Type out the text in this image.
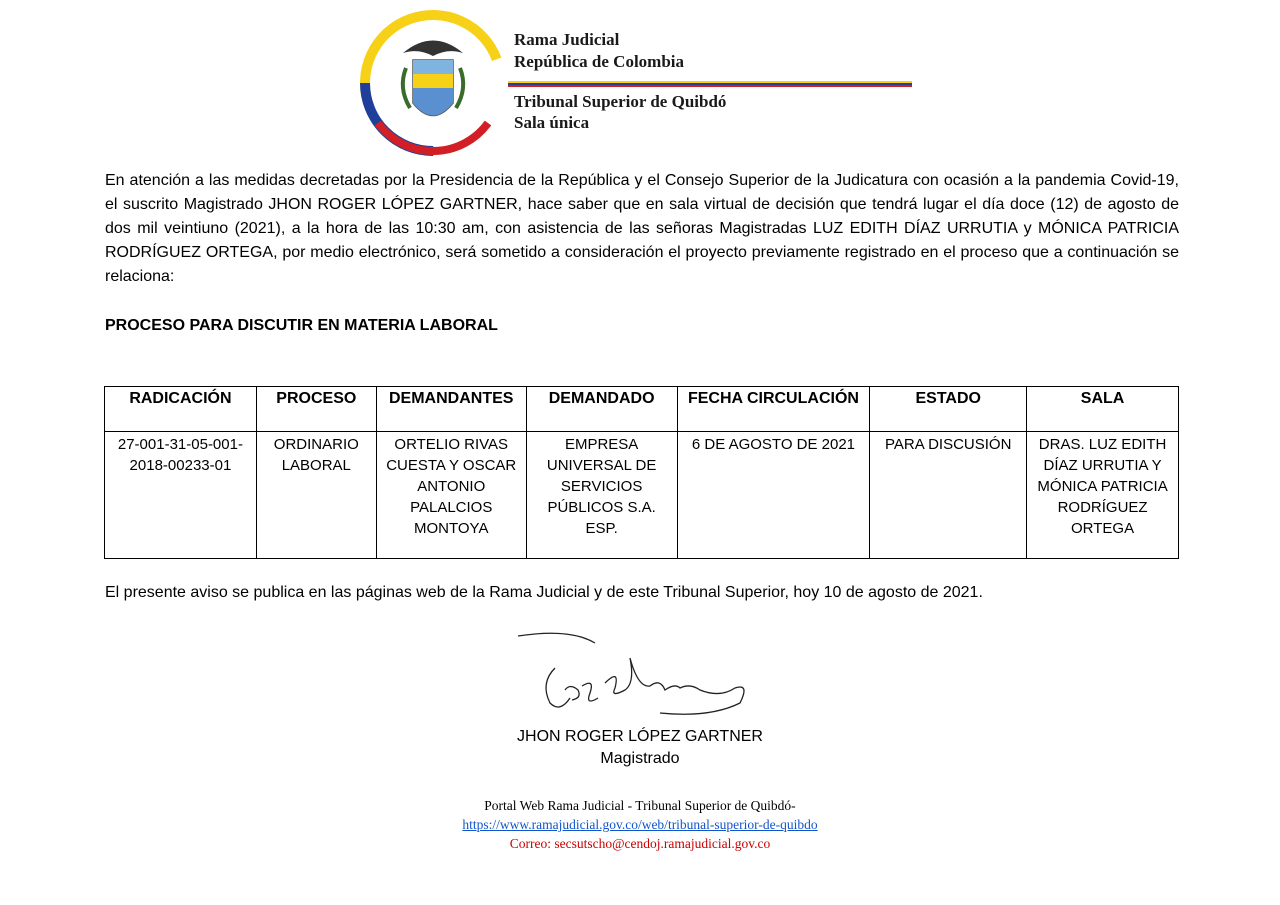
Rama Judicial
República de Colombia
Tribunal Superior de Quibdó
Sala única
En atención a las medidas decretadas por la Presidencia de la República y el Consejo Superior de la Judicatura con ocasión a la pandemia Covid-19, el suscrito Magistrado JHON ROGER LÓPEZ GARTNER, hace saber que en sala virtual de decisión que tendrá lugar el día doce (12) de agosto de dos mil veintiuno (2021), a la hora de las 10:30 am, con asistencia de las señoras Magistradas LUZ EDITH DÍAZ URRUTIA y MÓNICA PATRICIA RODRÍGUEZ ORTEGA, por medio electrónico, será sometido a consideración el proyecto previamente registrado en el proceso que a continuación se relaciona:
PROCESO PARA DISCUTIR EN MATERIA LABORAL
RADICACIÓN	PROCESO	DEMANDANTES	DEMANDADO	FECHA CIRCULACIÓN	ESTADO	SALA
27-001-31-05-001-2018-00233-01	ORDINARIO LABORAL	ORTELIO RIVAS CUESTA Y OSCAR ANTONIO PALALCIOS MONTOYA	EMPRESA UNIVERSAL DE SERVICIOS PÚBLICOS S.A. ESP.	6 DE AGOSTO DE 2021	PARA DISCUSIÓN	DRAS. LUZ EDITH DÍAZ URRUTIA Y MÓNICA PATRICIA RODRÍGUEZ ORTEGA
El presente aviso se publica en las páginas web de la Rama Judicial y de este Tribunal Superior, hoy 10 de agosto de 2021.
JHON ROGER LÓPEZ GARTNER
Magistrado
Portal Web Rama Judicial - Tribunal Superior de Quibdó-
https://www.ramajudicial.gov.co/web/tribunal-superior-de-quibdo
Correo: secsutscho@cendoj.ramajudicial.gov.co
